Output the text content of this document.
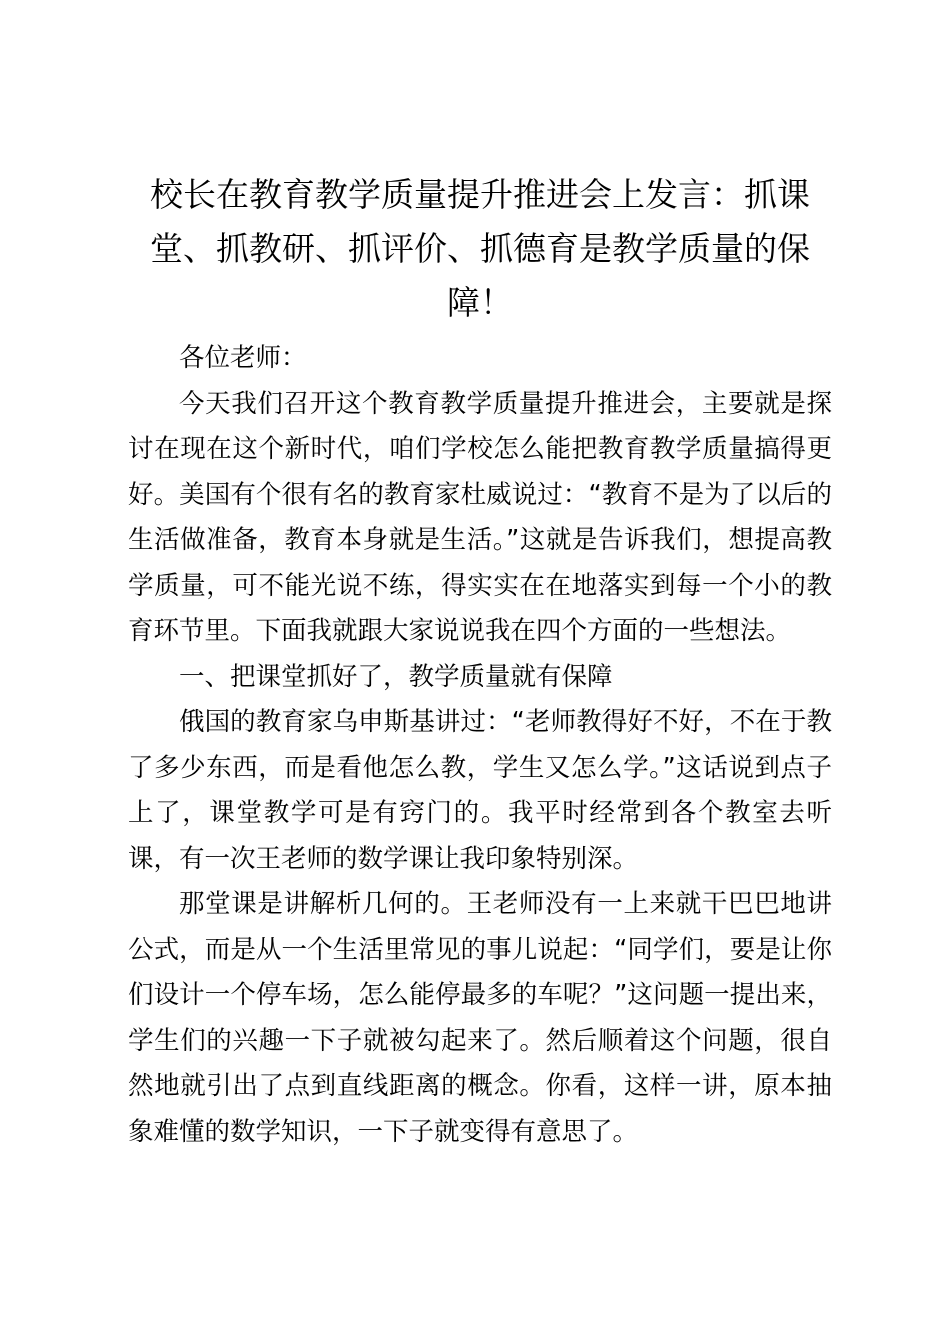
校长在教育教学质量提升推进会上发言：抓课堂、抓教研、抓评价、抓德育是教学质量的保障！

各位老师：

今天我们召开这个教育教学质量提升推进会，主要就是探讨在现在这个新时代，咱们学校怎么能把教育教学质量搞得更好。美国有个很有名的教育家杜威说过：“教育不是为了以后的生活做准备，教育本身就是生活。”这就是告诉我们，想提高教学质量，可不能光说不练，得实实在在地落实到每一个小的教育环节里。下面我就跟大家说说我在四个方面的一些想法。

一、把课堂抓好了，教学质量就有保障

俄国的教育家乌申斯基讲过：“老师教得好不好，不在于教了多少东西，而是看他怎么教，学生又怎么学。”这话说到点子上了，课堂教学可是有窍门的。我平时经常到各个教室去听课，有一次王老师的数学课让我印象特别深。

那堂课是讲解析几何的。王老师没有一上来就干巴巴地讲公式，而是从一个生活里常见的事儿说起：“同学们，要是让你们设计一个停车场，怎么能停最多的车呢？”这问题一提出来，学生们的兴趣一下子就被勾起来了。然后顺着这个问题，很自然地就引出了点到直线距离的概念。你看，这样一讲，原本抽象难懂的数学知识，一下子就变得有意思了。
